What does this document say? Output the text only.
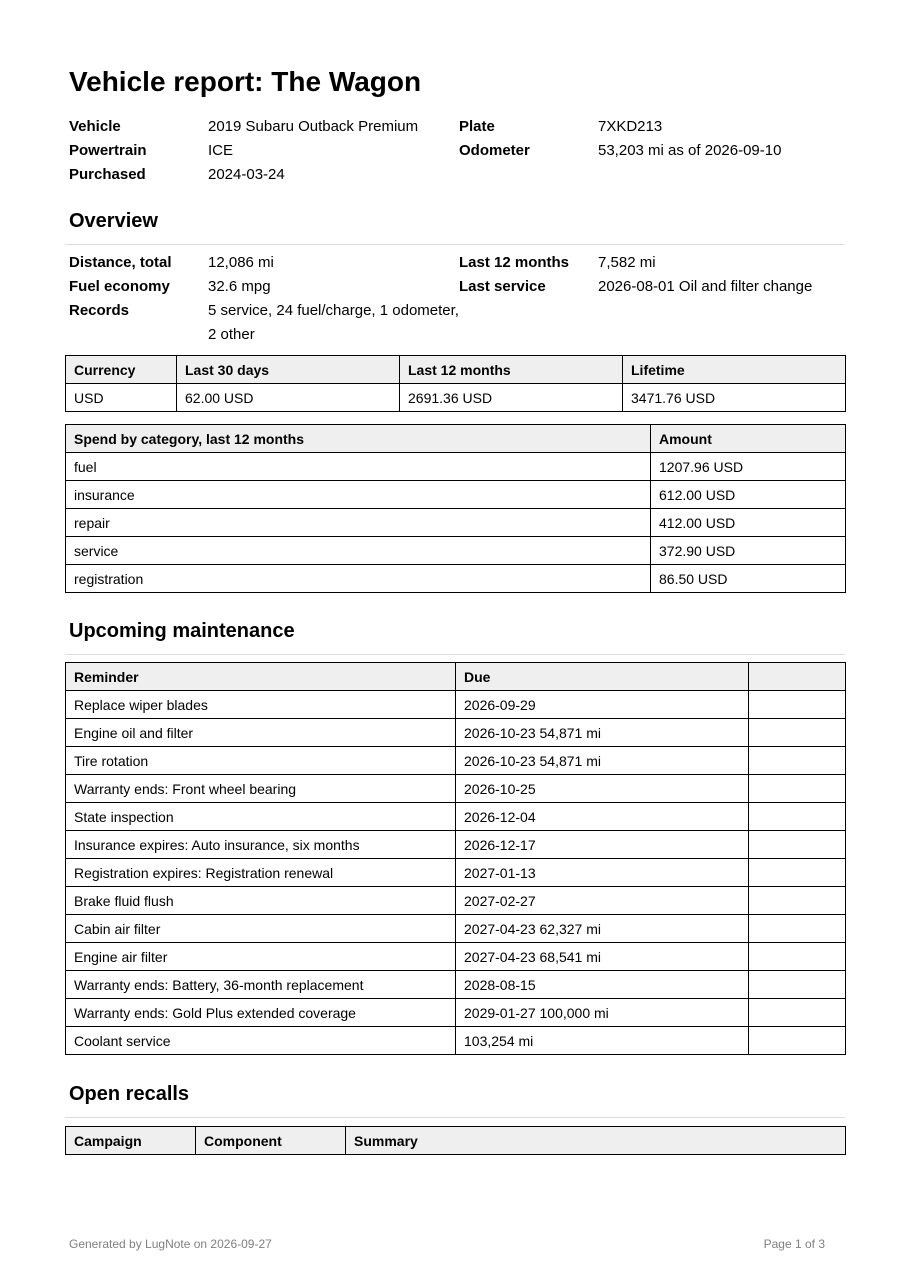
Vehicle report: The Wagon
Vehicle	2019 Subaru Outback Premium	Plate	7XKD213
Powertrain	ICE	Odometer	53,203 mi as of 2026-09-10
Purchased	2024-03-24
Overview
Distance, total	12,086 mi	Last 12 months	7,582 mi
Fuel economy	32.6 mpg	Last service	2026-08-01 Oil and filter change
Records	5 service, 24 fuel/charge, 1 odometer, 2 other
Currency	Last 30 days	Last 12 months	Lifetime
USD	62.00 USD	2691.36 USD	3471.76 USD
Spend by category, last 12 months	Amount
fuel	1207.96 USD
insurance	612.00 USD
repair	412.00 USD
service	372.90 USD
registration	86.50 USD
Upcoming maintenance
Reminder	Due	
Replace wiper blades	2026-09-29	
Engine oil and filter	2026-10-23 54,871 mi	
Tire rotation	2026-10-23 54,871 mi	
Warranty ends: Front wheel bearing	2026-10-25	
State inspection	2026-12-04	
Insurance expires: Auto insurance, six months	2026-12-17	
Registration expires: Registration renewal	2027-01-13	
Brake fluid flush	2027-02-27	
Cabin air filter	2027-04-23 62,327 mi	
Engine air filter	2027-04-23 68,541 mi	
Warranty ends: Battery, 36-month replacement	2028-08-15	
Warranty ends: Gold Plus extended coverage	2029-01-27 100,000 mi	
Coolant service	103,254 mi	
Open recalls
Campaign	Component	Summary
Generated by LugNote on 2026-09-27	Page 1 of 3
